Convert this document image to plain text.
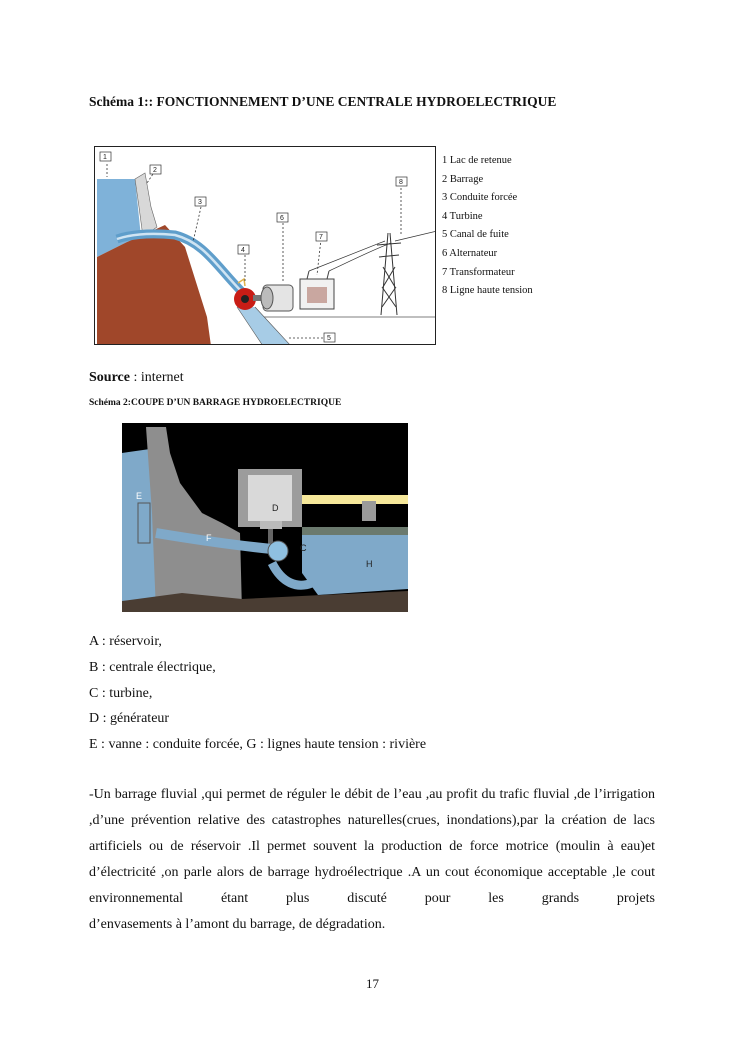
Schéma 1:: FONCTIONNEMENT D’UNE CENTRALE HYDROELECTRIQUE
1
2
3
4
5
6
7
8
1 Lac de retenue
2 Barrage
3 Conduite forcée
4 Turbine
5 Canal de fuite
6 Alternateur
7 Transformateur
8 Ligne haute tension
Source : internet
Schéma 2:COUPE D’UN BARRAGE HYDROELECTRIQUE
E
F
D
C
H
A : réservoir,
B : centrale électrique,
C : turbine,
D : générateur
E : vanne : conduite forcée, G : lignes haute tension : rivière
-Un barrage fluvial ,qui permet de réguler le débit de l’eau ,au profit du trafic fluvial ,de l’irrigation ,d’une prévention relative des catastrophes naturelles(crues, inondations),par la création de lacs artificiels ou de réservoir .Il permet souvent la production de force motrice (moulin à eau)et d’électricité ,on parle alors de barrage hydroélectrique .A un cout économique acceptable ,le cout environnemental étant plus discuté pour les grands projets
d’envasements à l’amont du barrage, de dégradation.
17
